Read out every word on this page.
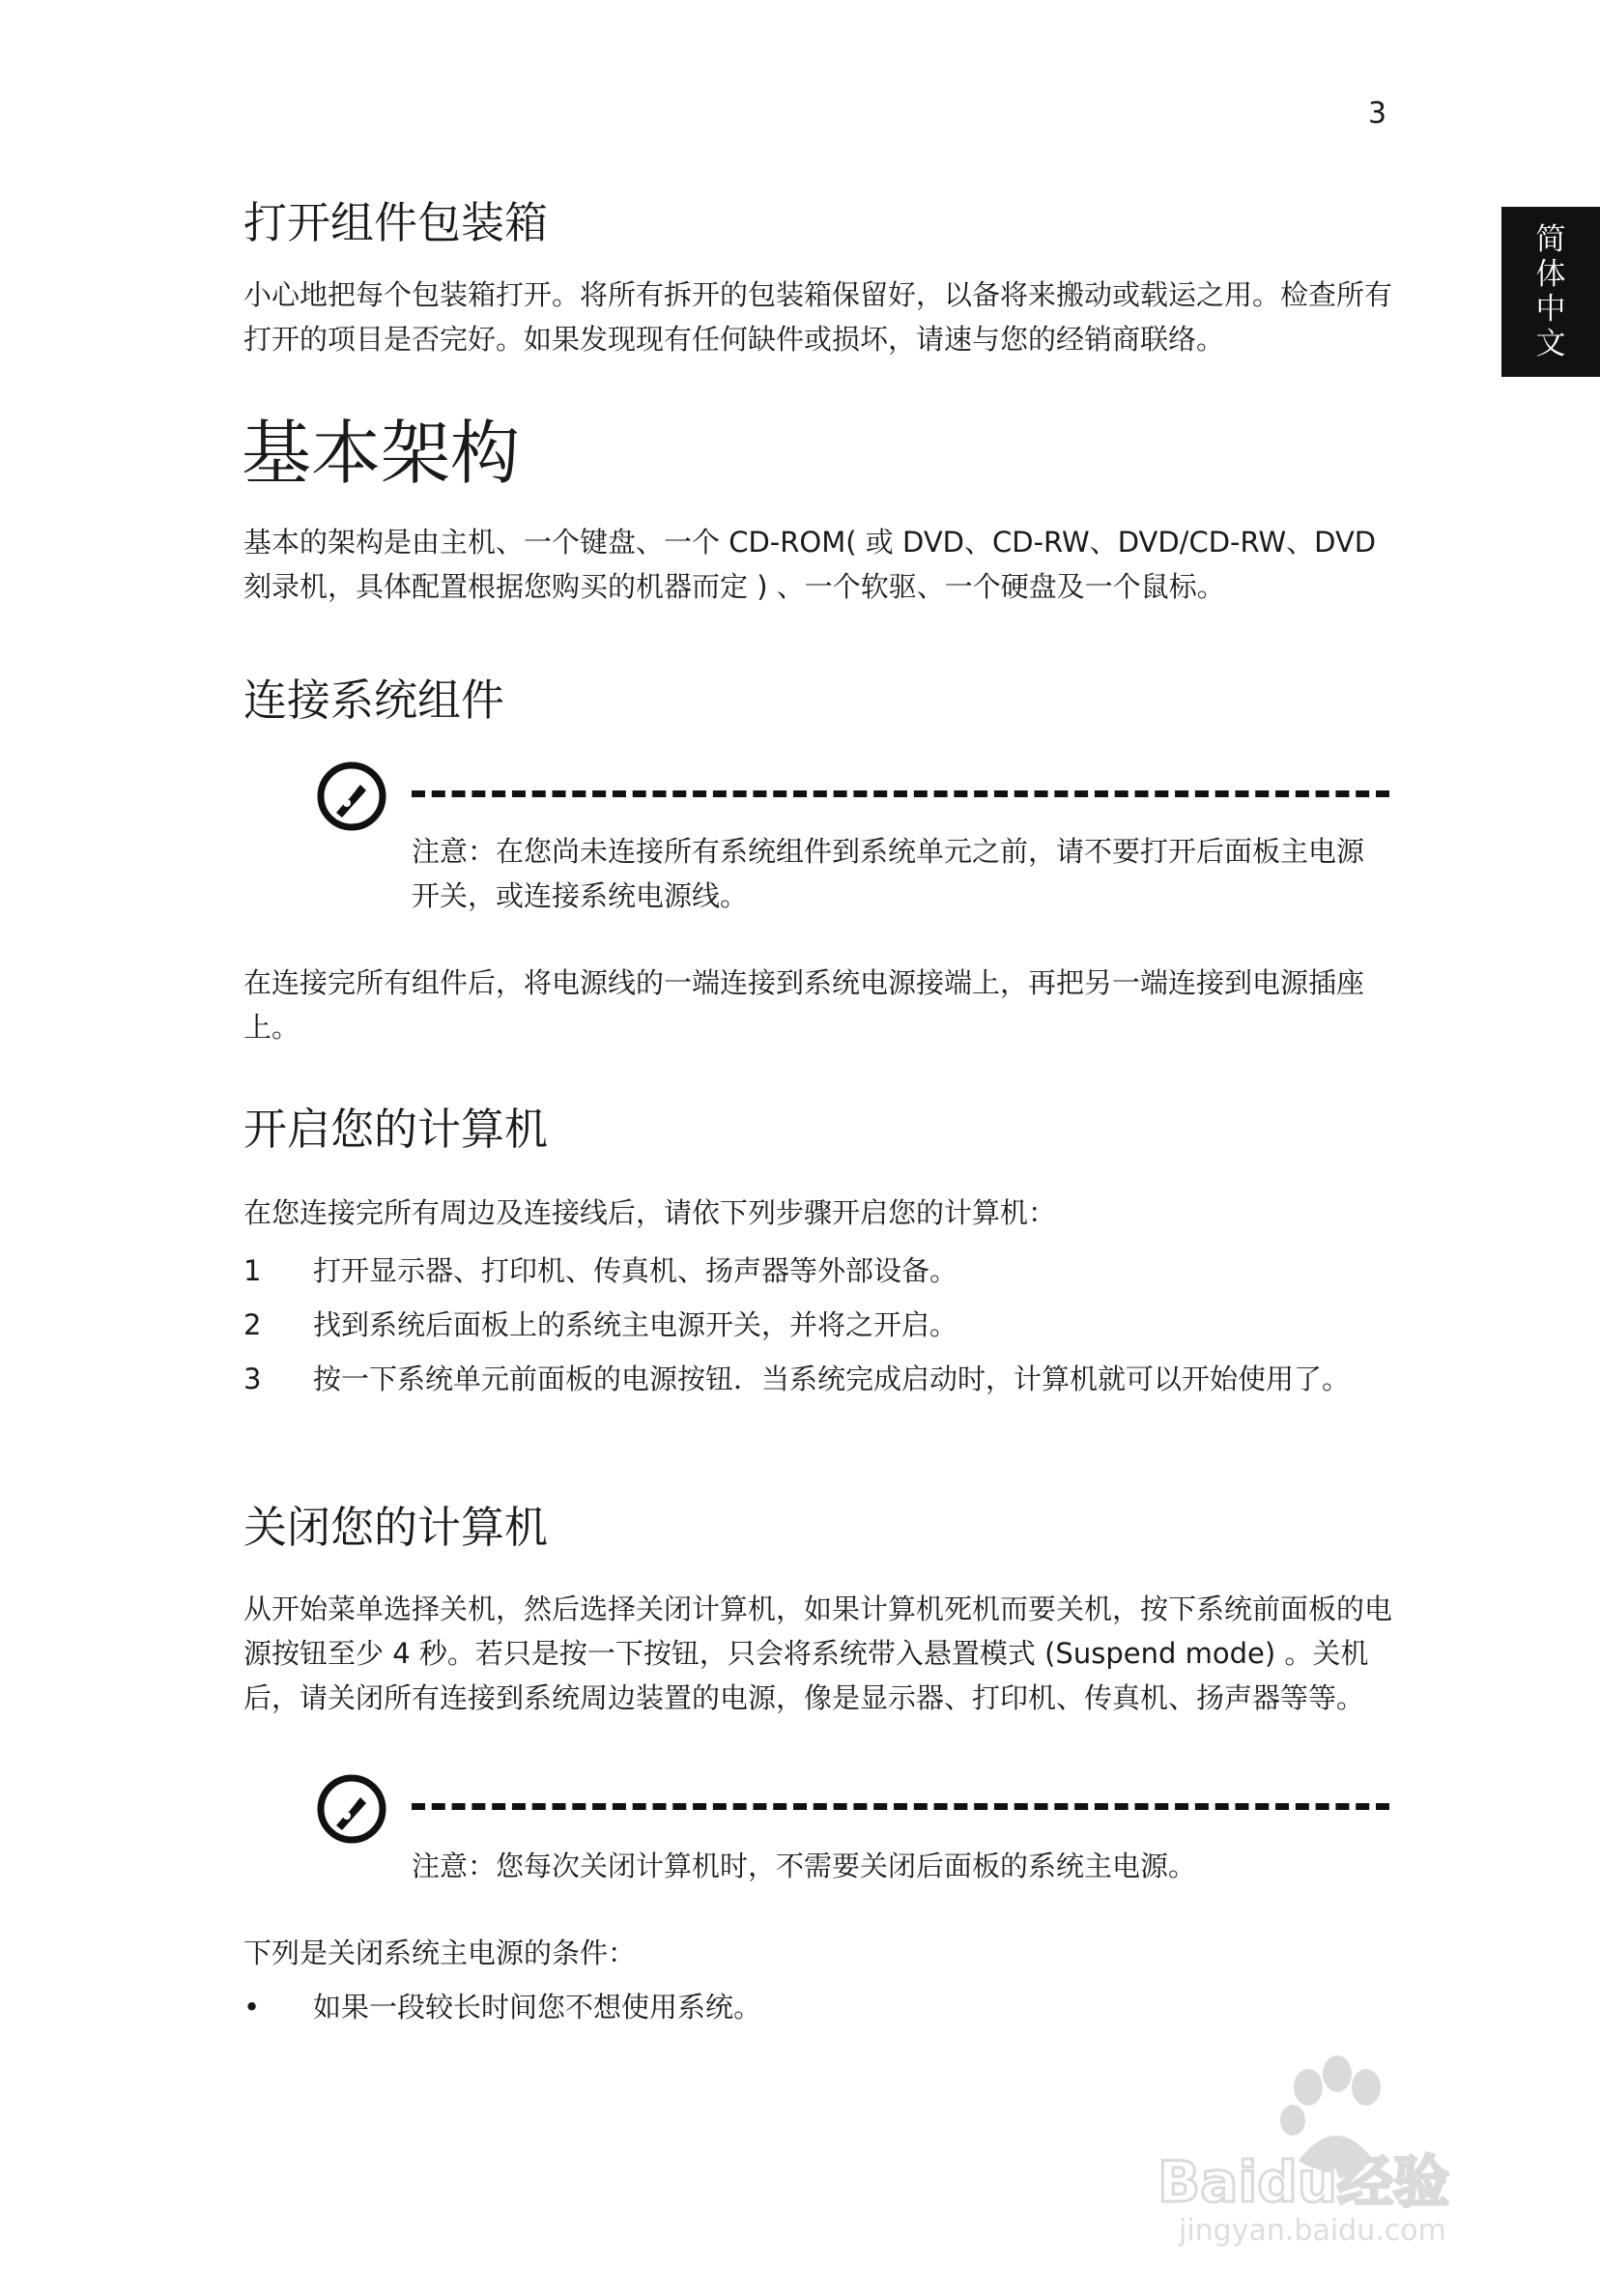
3
简
体
中
文
打开组件包装箱

小心地把每个包装箱打开。将所有拆开的包装箱保留好，以备将来搬动或载运之用。检查所有打开的项目是否完好。如果发现现有任何缺件或损坏，请速与您的经销商联络。

基本架构

基本的架构是由主机、一个键盘、一个 CD-ROM( 或 DVD、CD-RW、DVD/CD-RW、DVD 刻录机，具体配置根据您购买的机器而定 ) 、一个软驱、一个硬盘及一个鼠标。

连接系统组件

注意：在您尚未连接所有系统组件到系统单元之前，请不要打开后面板主电源开关，或连接系统电源线。

在连接完所有组件后，将电源线的一端连接到系统电源接端上，再把另一端连接到电源插座上。

开启您的计算机

在您连接完所有周边及连接线后，请依下列步骤开启您的计算机：

1	打开显示器、打印机、传真机、扬声器等外部设备。
2	找到系统后面板上的系统主电源开关，并将之开启。
3	按一下系统单元前面板的电源按钮．当系统完成启动时，计算机就可以开始使用了。
关闭您的计算机

从开始菜单选择关机，然后选择关闭计算机，如果计算机死机而要关机，按下系统前面板的电源按钮至少 4 秒。若只是按一下按钮，只会将系统带入悬置模式 (Suspend mode) 。关机后，请关闭所有连接到系统周边装置的电源，像是显示器、打印机、传真机、扬声器等等。

注意：您每次关闭计算机时，不需要关闭后面板的系统主电源。

下列是关闭系统主电源的条件：

•	如果一段较长时间您不想使用系统。
Baidu经验
jingyan.baidu.com
